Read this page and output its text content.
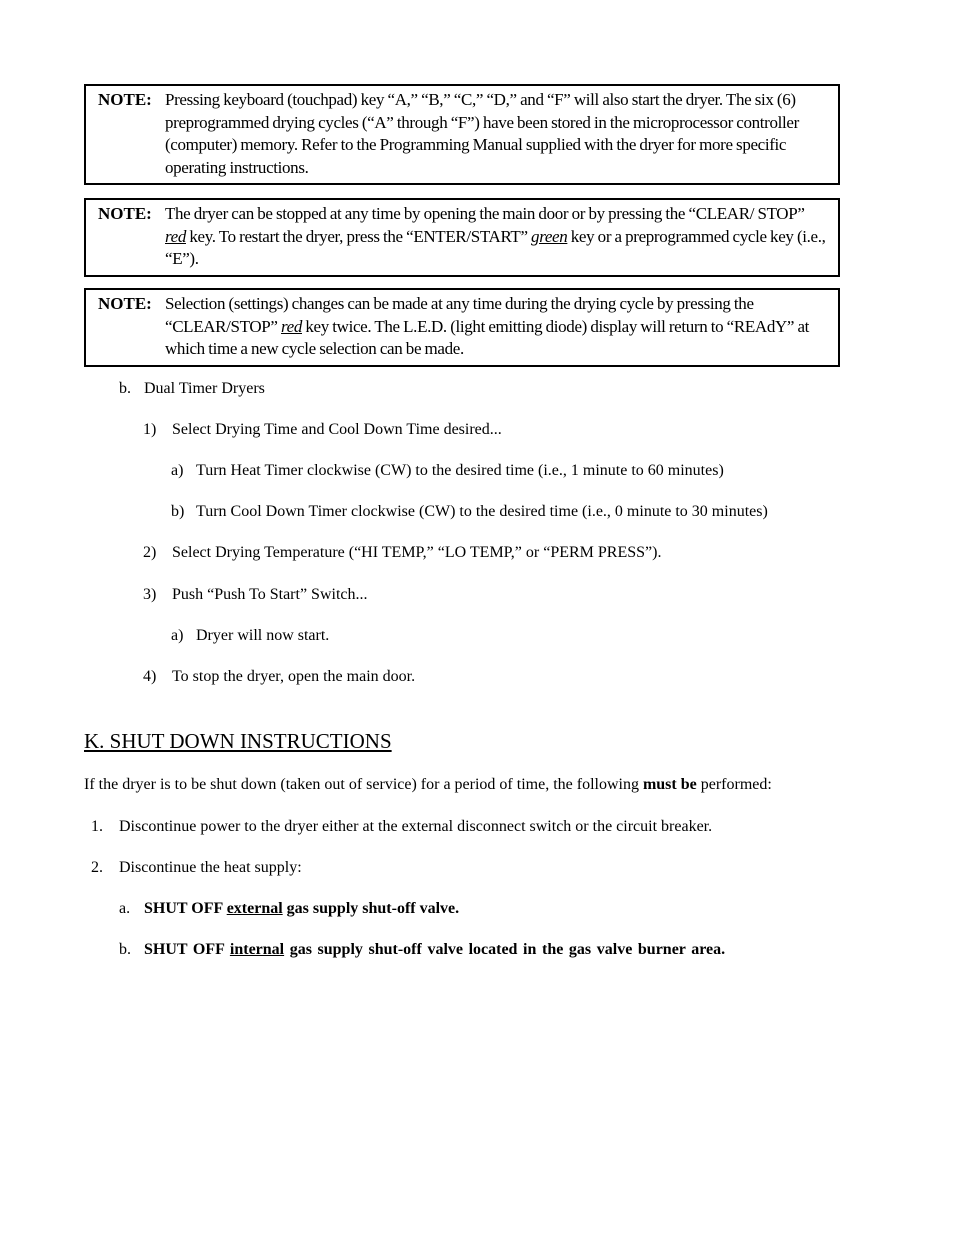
NOTE: Pressing keyboard (touchpad) key “A,” “B,” “C,” “D,” and “F” will also start the dryer. The six (6) preprogrammed drying cycles (“A” through “F”) have been stored in the microprocessor controller (computer) memory. Refer to the Programming Manual supplied with the dryer for more specific operating instructions.
NOTE: The dryer can be stopped at any time by opening the main door or by pressing the “CLEAR/ STOP” red key. To restart the dryer, press the “ENTER/START” green key or a preprogrammed cycle key (i.e., “E”).
NOTE: Selection (settings) changes can be made at any time during the drying cycle by pressing the “CLEAR/STOP” red key twice. The L.E.D. (light emitting diode) display will return to “REAdY” at which time a new cycle selection can be made.
b. Dual Timer Dryers
1) Select Drying Time and Cool Down Time desired...
a) Turn Heat Timer clockwise (CW) to the desired time (i.e., 1 minute to 60 minutes)
b) Turn Cool Down Timer clockwise (CW) to the desired time (i.e., 0 minute to 30 minutes)
2) Select Drying Temperature (“HI TEMP,” “LO TEMP,” or “PERM PRESS”).
3) Push “Push To Start” Switch...
a) Dryer will now start.
4) To stop the dryer, open the main door.
K. SHUT DOWN INSTRUCTIONS
If the dryer is to be shut down (taken out of service) for a period of time, the following must be performed:
1. Discontinue power to the dryer either at the external disconnect switch or the circuit breaker.
2. Discontinue the heat supply:
a. SHUT OFF external gas supply shut-off valve.
b. SHUT OFF internal gas supply shut-off valve located in the gas valve burner area.
